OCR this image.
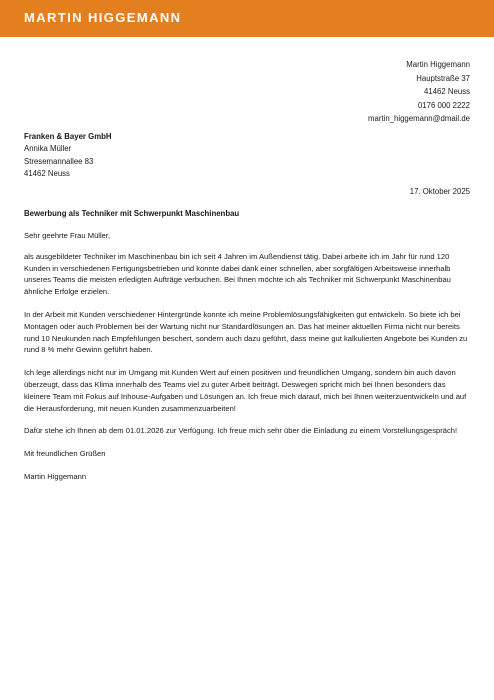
MARTIN HIGGEMANN
Martin Higgemann
Hauptstraße 37
41462 Neuss
0176 000 2222
martin_higgemann@dmail.de
Franken & Bayer GmbH
Annika Müller
Stresemannallee 83
41462 Neuss
17. Oktober 2025
Bewerbung als Techniker mit Schwerpunkt Maschinenbau

Sehr geehrte Frau Müller,

als ausgebildeter Techniker im Maschinenbau bin ich seit 4 Jahren im Außendienst tätig. Dabei arbeite ich im Jahr für rund 120 Kunden in verschiedenen Fertigungsbetrieben und konnte dabei dank einer schnellen, aber sorgfältigen Arbeitsweise innerhalb unseres Teams die meisten erledigten Aufträge verbuchen. Bei Ihnen möchte ich als Techniker mit Schwerpunkt Maschinenbau ähnliche Erfolge erzielen.

In der Arbeit mit Kunden verschiedener Hintergründe konnte ich meine Problemlösungsfähigkeiten gut entwickeln. So biete ich bei Montagen oder auch Problemen bei der Wartung nicht nur Standardlösungen an. Das hat meiner aktuellen Firma nicht nur bereits rund 10 Neukunden nach Empfehlungen beschert, sondern auch dazu geführt, dass meine gut kalkulierten Angebote bei Kunden zu rund 8 % mehr Gewinn geführt haben.

Ich lege allerdings nicht nur im Umgang mit Kunden Wert auf einen positiven und freundlichen Umgang, sondern bin auch davon überzeugt, dass das Klima innerhalb des Teams viel zu guter Arbeit beiträgt. Deswegen spricht mich bei Ihnen besonders das kleinere Team mit Fokus auf Inhouse-Aufgaben und Lösungen an. Ich freue mich darauf, mich bei Ihnen weiterzuentwickeln und auf die Herausforderung, mit neuen Kunden zusammenzuarbeiten!

Dafür stehe ich Ihnen ab dem 01.01.2026 zur Verfügung. Ich freue mich sehr über die Einladung zu einem Vorstellungsgespräch!

Mit freundlichen Grüßen

Martin Higgemann
